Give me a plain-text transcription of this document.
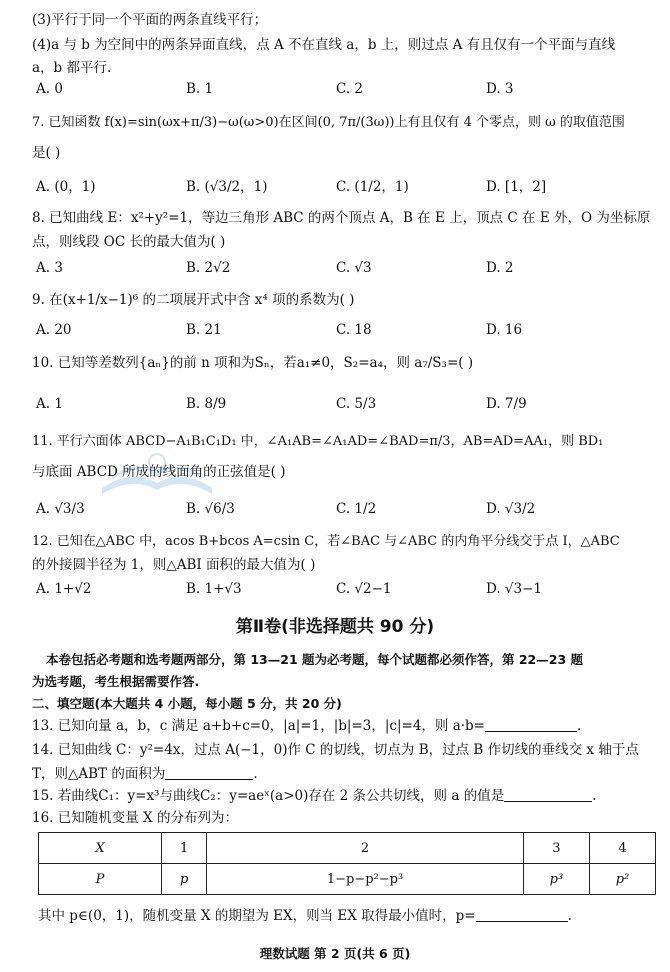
(3)平行于同一个平面的两条直线平行；
(4)a 与 b 为空间中的两条异面直线，点 A 不在直线 a，b 上，则过点 A 有且仅有一个平面与直线
a，b 都平行.
A. 0	B. 1	C. 2	D. 3
7. 已知函数 f(x)=sin(ωx+π/3)−ω(ω>0)在区间(0, 7π/(3ω))上有且仅有 4 个零点，则 ω 的取值范围
是( )
A. (0，1)	B. (√3/2，1)	C. (1/2，1)	D. [1，2]
8. 已知曲线 E：x²+y²=1，等边三角形 ABC 的两个顶点 A，B 在 E 上，顶点 C 在 E 外，O 为坐标原
点，则线段 OC 长的最大值为( )
A. 3	B. 2√2	C. √3	D. 2
9. 在(x+1/x−1)⁶ 的二项展开式中含 x⁴ 项的系数为( )
A. 20	B. 21	C. 18	D. 16
10. 已知等差数列{aₙ}的前 n 项和为Sₙ，若a₁≠0，S₂=a₄，则 a₇/S₃=( )
A. 1	B. 8/9	C. 5/3	D. 7/9
11. 平行六面体 ABCD−A₁B₁C₁D₁ 中，∠A₁AB=∠A₁AD=∠BAD=π/3，AB=AD=AA₁，则 BD₁
与底面 ABCD 所成的线面角的正弦值是( )
A. √3/3	B. √6/3	C. 1/2	D. √3/2
12. 已知在△ABC 中，acos B+bcos A=csin C，若∠BAC 与∠ABC 的内角平分线交于点 I，△ABC
的外接圆半径为 1，则△ABI 面积的最大值为( )
A. 1+√2	B. 1+√3	C. √2−1	D. √3−1
第Ⅱ卷(非选择题共 90 分)
本卷包括必考题和选考题两部分，第 13—21 题为必考题，每个试题都必须作答，第 22—23 题
为选考题，考生根据需要作答.
二、填空题(本大题共 4 小题，每小题 5 分，共 20 分)
13. 已知向量 a，b，c 满足 a+b+c=0，|a|=1，|b|=3，|c|=4，则 a·b=	.
14. 已知曲线 C：y²=4x，过点 A(−1，0)作 C 的切线，切点为 B，过点 B 作切线的垂线交 x 轴于点
T，则△ABT 的面积为	.
15. 若曲线C₁：y=x³与曲线C₂：y=aeˣ(a>0)存在 2 条公共切线，则 a 的值是	.
16. 已知随机变量 X 的分布列为：
X	1	2	3	4
P	p	1−p−p²−p³	p³	p²
其中 p∈(0，1)，随机变量 X 的期望为 EX，则当 EX 取得最小值时，p=	.
理数试题 第 2 页(共 6 页)
